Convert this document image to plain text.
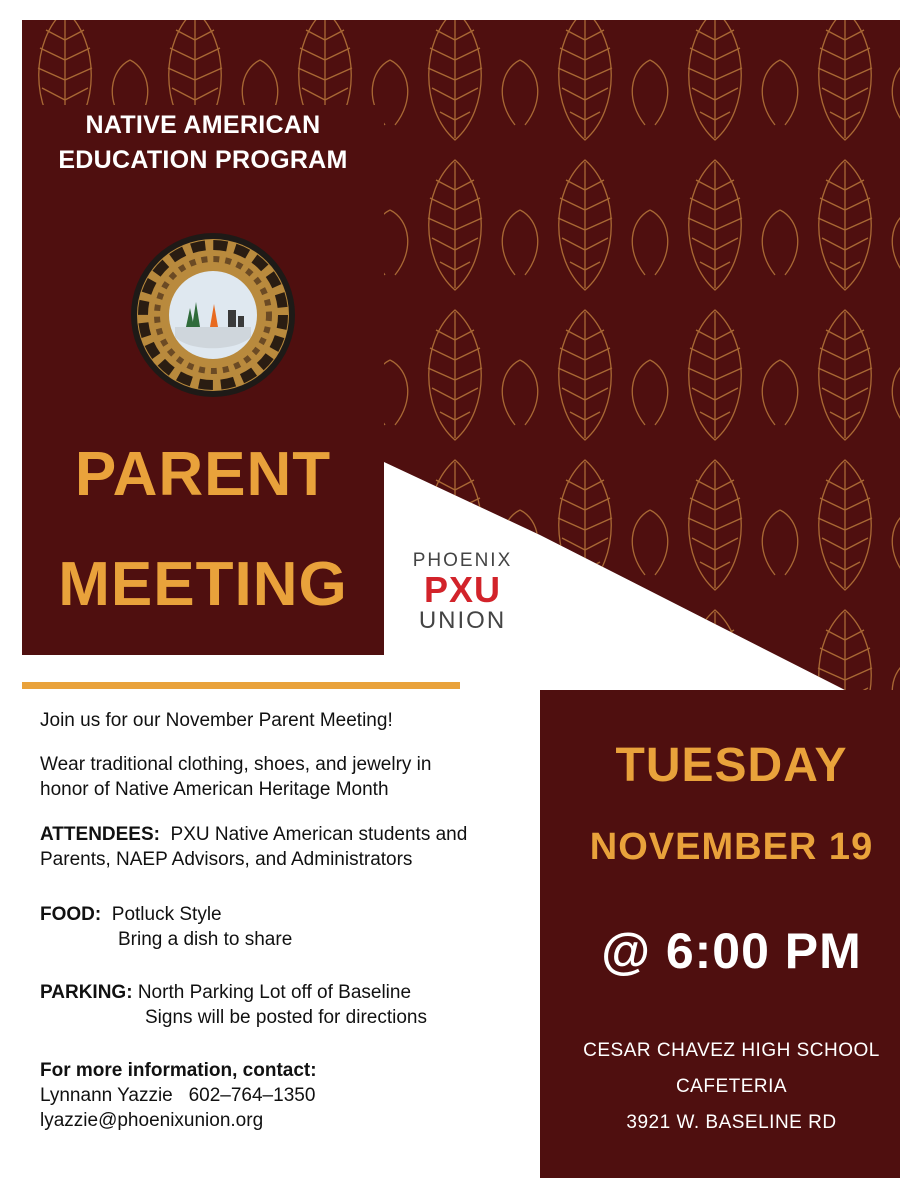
NATIVE AMERICAN
EDUCATION PROGRAM
PARENT
MEETING	PHOENIX
PXU
UNION
Join us for our November Parent Meeting!
Wear traditional clothing, shoes, and jewelry in
honor of Native American Heritage Month
ATTENDEES: PXU Native American students and
Parents, NAEP Advisors, and Administrators
FOOD: Potluck Style
Bring a dish to share
PARKING: North Parking Lot off of Baseline
Signs will be posted for directions
For more information, contact:
Lynnann Yazzie 602–764–1350
lyazzie@phoenixunion.org
TUESDAY
NOVEMBER 19
@ 6:00 PM
CESAR CHAVEZ HIGH SCHOOL
CAFETERIA
3921 W. BASELINE RD
